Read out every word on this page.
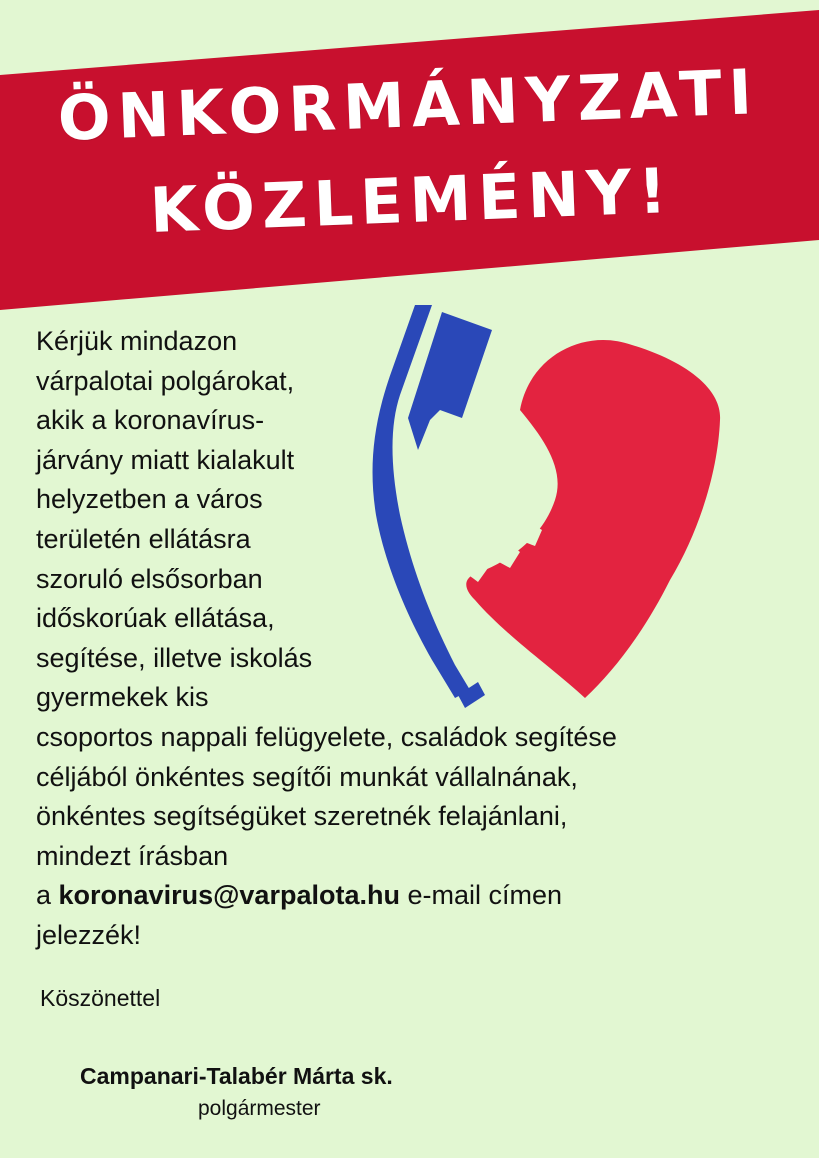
ÖNKORMÁNYZATI
KÖZLEMÉNY!
Kérjük mindazon
várpalotai polgárokat,
akik a koronavírus-
járvány miatt kialakult
helyzetben a város
területén ellátásra
szoruló elsősorban
időskorúak ellátása,
segítése, illetve iskolás
gyermekek kis
csoportos nappali felügyelete, családok segítése
céljából önkéntes segítői munkát vállalnának,
önkéntes segítségüket szeretnék felajánlani,
mindezt írásban
a koronavirus@varpalota.hu e-mail címen
jelezzék!
Köszönettel
Campanari-Talabér Márta sk.
polgármester
